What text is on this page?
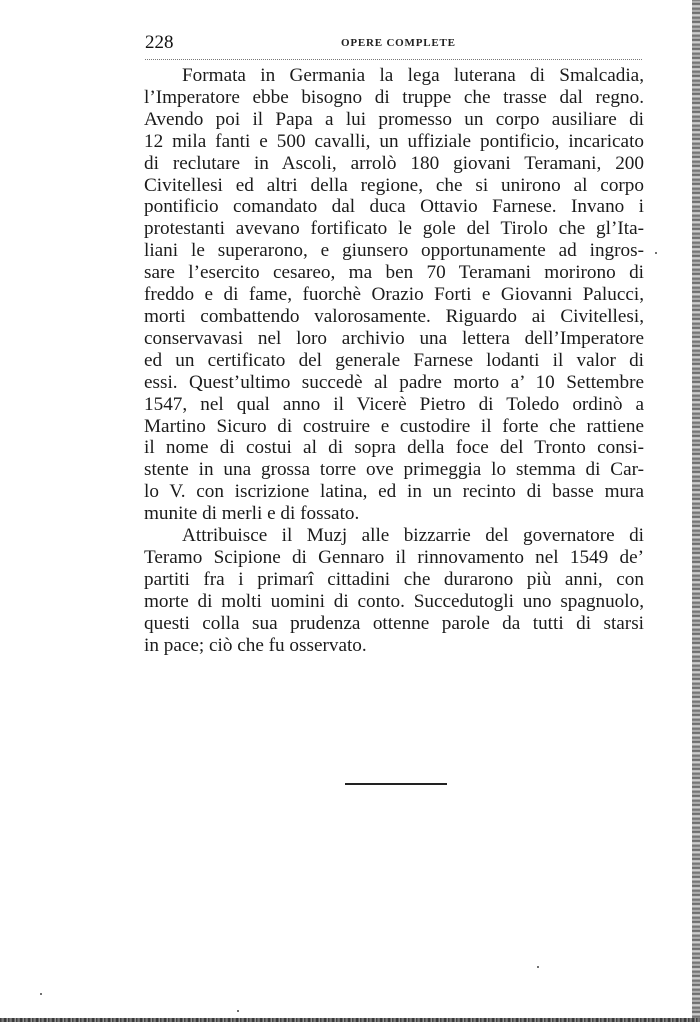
228	OPERE COMPLETE
Formata in Germania la lega luterana di Smalcadia,
l’Imperatore ebbe bisogno di truppe che trasse dal regno.
Avendo poi il Papa a lui promesso un corpo ausiliare di
12 mila fanti e 500 cavalli, un uffiziale pontificio, incaricato
di reclutare in Ascoli, arrolò 180 giovani Teramani, 200
Civitellesi ed altri della regione, che si unirono al corpo
pontificio comandato dal duca Ottavio Farnese. Invano i
protestanti avevano fortificato le gole del Tirolo che gl’Ita-
liani le superarono, e giunsero opportunamente ad ingros-
sare l’esercito cesareo, ma ben 70 Teramani morirono di
freddo e di fame, fuorchè Orazio Forti e Giovanni Palucci,
morti combattendo valorosamente. Riguardo ai Civitellesi,
conservavasi nel loro archivio una lettera dell’Imperatore
ed un certificato del generale Farnese lodanti il valor di
essi. Quest’ultimo succedè al padre morto a’ 10 Settembre
1547, nel qual anno il Vicerè Pietro di Toledo ordinò a
Martino Sicuro di costruire e custodire il forte che rattiene
il nome di costui al di sopra della foce del Tronto consi-
stente in una grossa torre ove primeggia lo stemma di Car-
lo V. con iscrizione latina, ed in un recinto di basse mura
munite di merli e di fossato.
Attribuisce il Muzj alle bizzarrie del governatore di
Teramo Scipione di Gennaro il rinnovamento nel 1549 de’
partiti fra i primarî cittadini che durarono più anni, con
morte di molti uomini di conto. Succedutogli uno spagnuolo,
questi colla sua prudenza ottenne parole da tutti di starsi
in pace; ciò che fu osservato.
